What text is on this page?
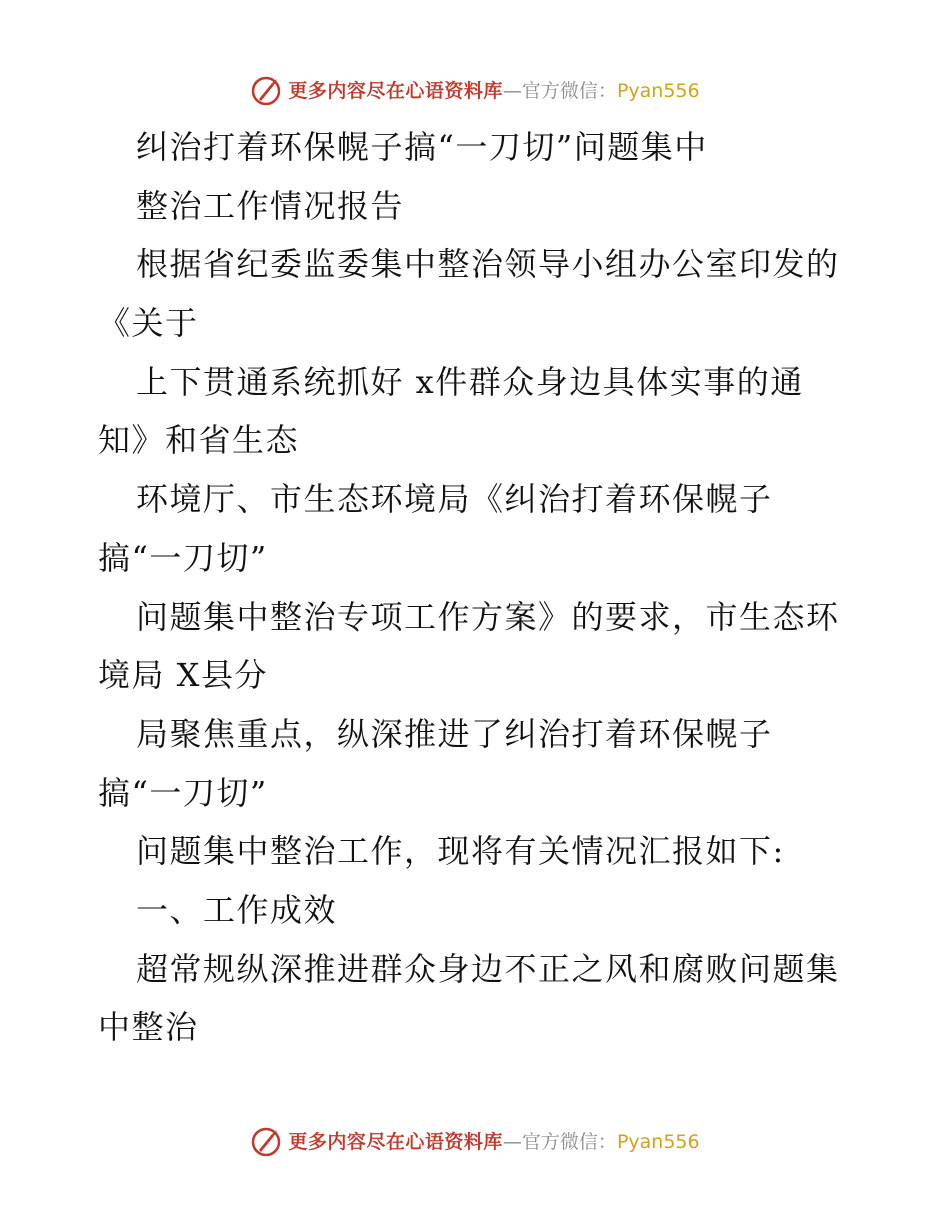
更多内容尽在心语资料库—官方微信：Pyan556
纠治打着环保幌子搞“一刀切”问题集中
整治工作情况报告
根据省纪委监委集中整治领导小组办公室印发的
《关于
上下贯通系统抓好 x件群众身边具体实事的通
知》和省生态
环境厅、市生态环境局《纠治打着环保幌子
搞“一刀切”
问题集中整治专项工作方案》的要求，市生态环
境局 X县分
局聚焦重点，纵深推进了纠治打着环保幌子
搞“一刀切”
问题集中整治工作，现将有关情况汇报如下:
一、工作成效
超常规纵深推进群众身边不正之风和腐败问题集
中整治
更多内容尽在心语资料库—官方微信：Pyan556
